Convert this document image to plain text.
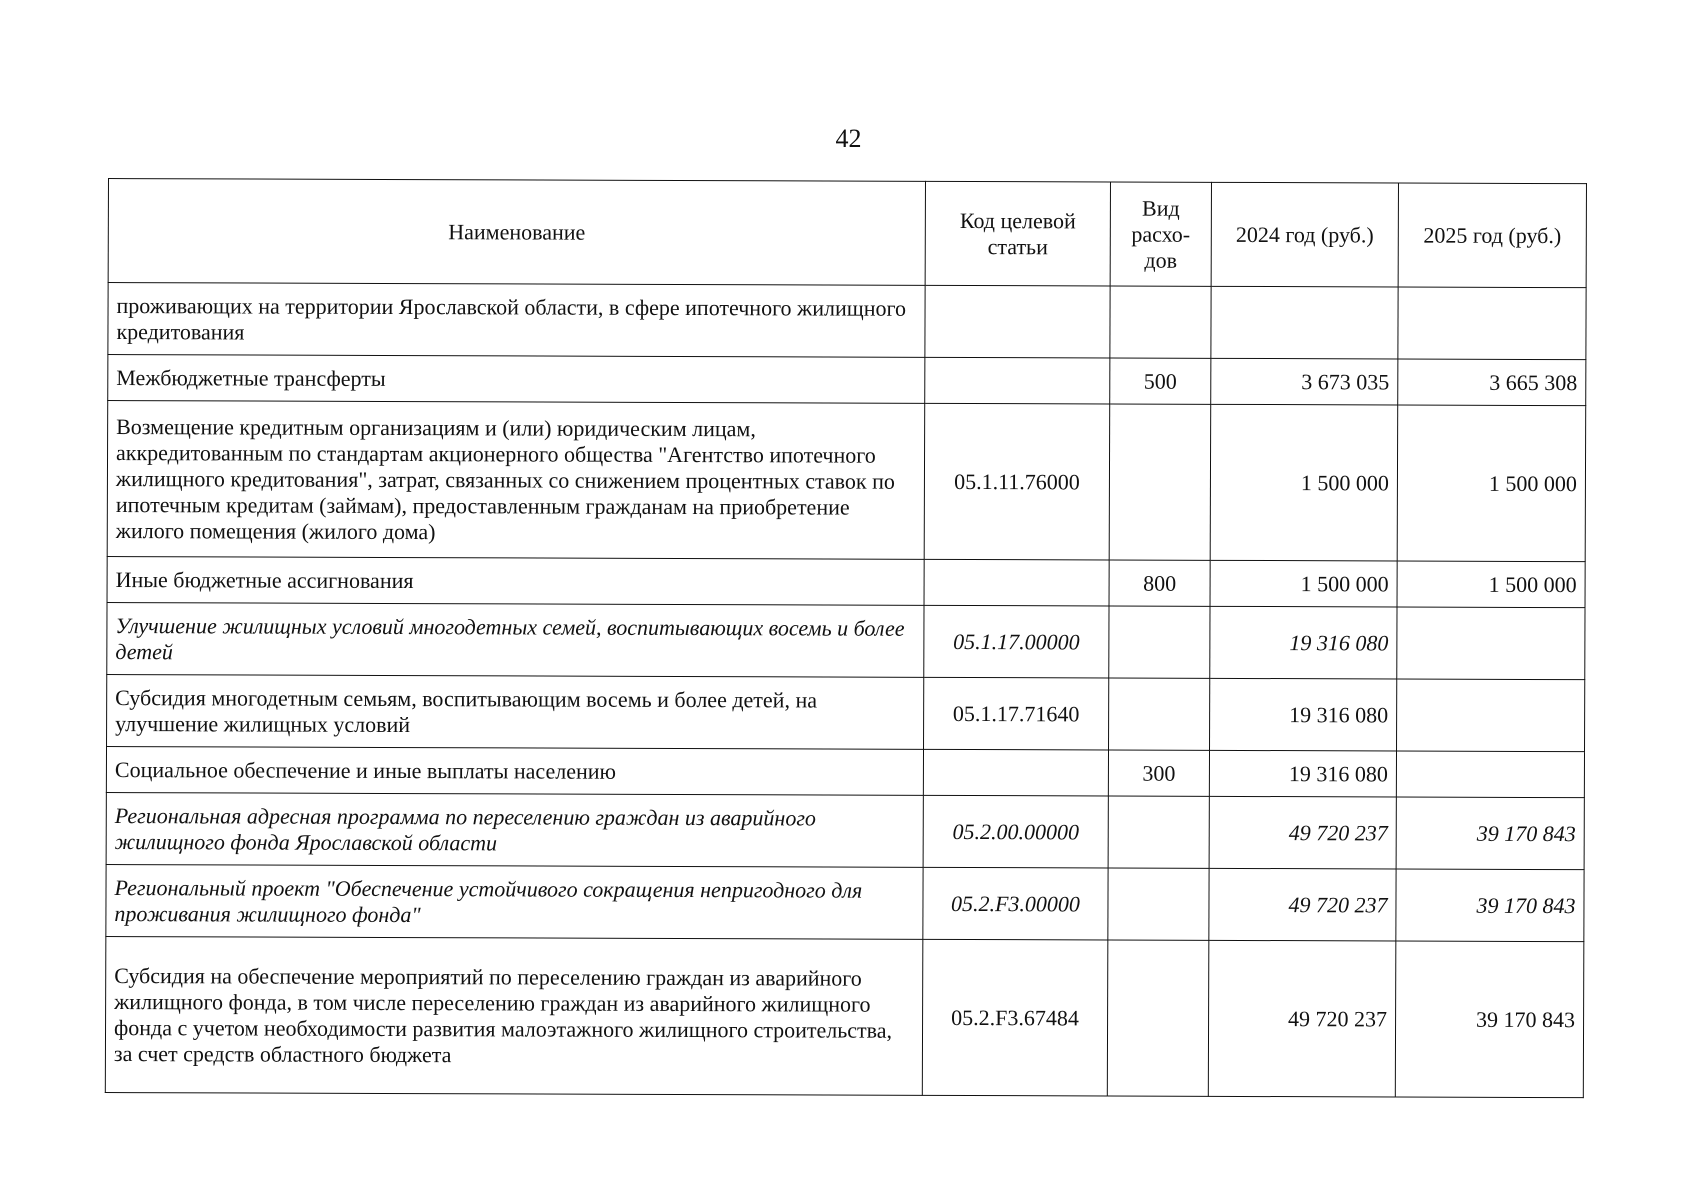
42
Наименование	Код целевой статьи	Вид расхо-дов	2024 год (руб.)	2025 год (руб.)
проживающих на территории Ярославской области, в сфере ипотечного жилищного кредитования				
Межбюджетные трансферты		500	3 673 035	3 665 308
Возмещение кредитным организациям и (или) юридическим лицам, аккредитованным по стандартам акционерного общества "Агентство ипотечного жилищного кредитования", затрат, связанных со снижением процентных ставок по ипотечным кредитам (займам), предоставленным гражданам на приобретение жилого помещения (жилого дома)	05.1.11.76000		1 500 000	1 500 000
Иные бюджетные ассигнования		800	1 500 000	1 500 000
Улучшение жилищных условий многодетных семей, воспитывающих восемь и более детей	05.1.17.00000		19 316 080	
Субсидия многодетным семьям, воспитывающим восемь и более детей, на улучшение жилищных условий	05.1.17.71640		19 316 080	
Социальное обеспечение и иные выплаты населению		300	19 316 080	
Региональная адресная программа по переселению граждан из аварийного жилищного фонда Ярославской области	05.2.00.00000		49 720 237	39 170 843
Региональный проект "Обеспечение устойчивого сокращения непригодного для проживания жилищного фонда"	05.2.F3.00000		49 720 237	39 170 843
Субсидия на обеспечение мероприятий по переселению граждан из аварийного жилищного фонда, в том числе переселению граждан из аварийного жилищного фонда с учетом необходимости развития малоэтажного жилищного строительства, за счет средств областного бюджета	05.2.F3.67484		49 720 237	39 170 843
